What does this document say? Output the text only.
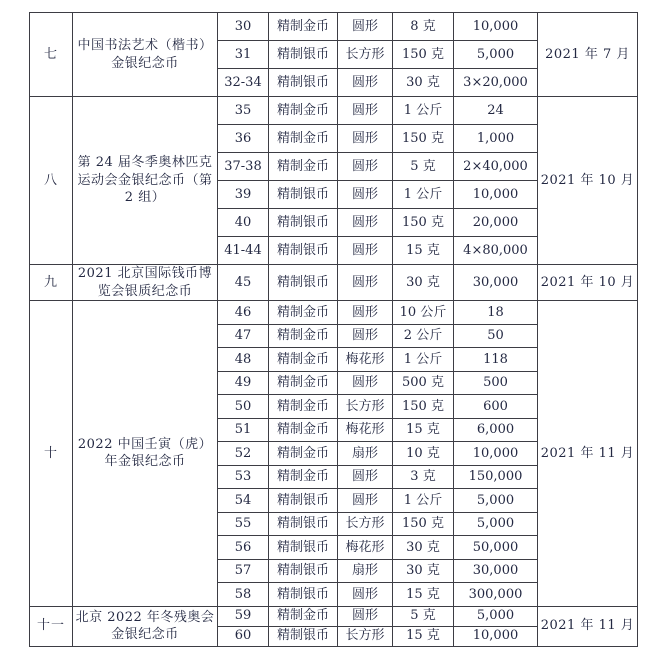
七	中国书法艺术（楷书）金银纪念币	30	精制金币	圆形	8 克	10,000	2021 年 7 月
		31	精制银币	长方形	150 克	5,000	
		32-34	精制银币	圆形	30 克	3×20,000	
八	第 24 届冬季奥林匹克运动会金银纪念币（第 2 组）	35	精制金币	圆形	1 公斤	24	2021 年 10 月
		36	精制金币	圆形	150 克	1,000	
		37-38	精制金币	圆形	5 克	2×40,000	
		39	精制银币	圆形	1 公斤	10,000	
		40	精制银币	圆形	150 克	20,000	
		41-44	精制银币	圆形	15 克	4×80,000	
九	2021 北京国际钱币博览会银质纪念币	45	精制银币	圆形	30 克	30,000	2021 年 10 月
十	2022 中国壬寅（虎）年金银纪念币	46	精制金币	圆形	10 公斤	18	2021 年 11 月
		47	精制金币	圆形	2 公斤	50	
		48	精制金币	梅花形	1 公斤	118	
		49	精制金币	圆形	500 克	500	
		50	精制金币	长方形	150 克	600	
		51	精制金币	梅花形	15 克	6,000	
		52	精制金币	扇形	10 克	10,000	
		53	精制金币	圆形	3 克	150,000	
		54	精制银币	圆形	1 公斤	5,000	
		55	精制银币	长方形	150 克	5,000	
		56	精制银币	梅花形	30 克	50,000	
		57	精制银币	扇形	30 克	30,000	
		58	精制银币	圆形	15 克	300,000	
十一	北京 2022 年冬残奥会金银纪念币	59	精制金币	圆形	5 克	5,000	2021 年 11 月
		60	精制银币	长方形	15 克	10,000	
